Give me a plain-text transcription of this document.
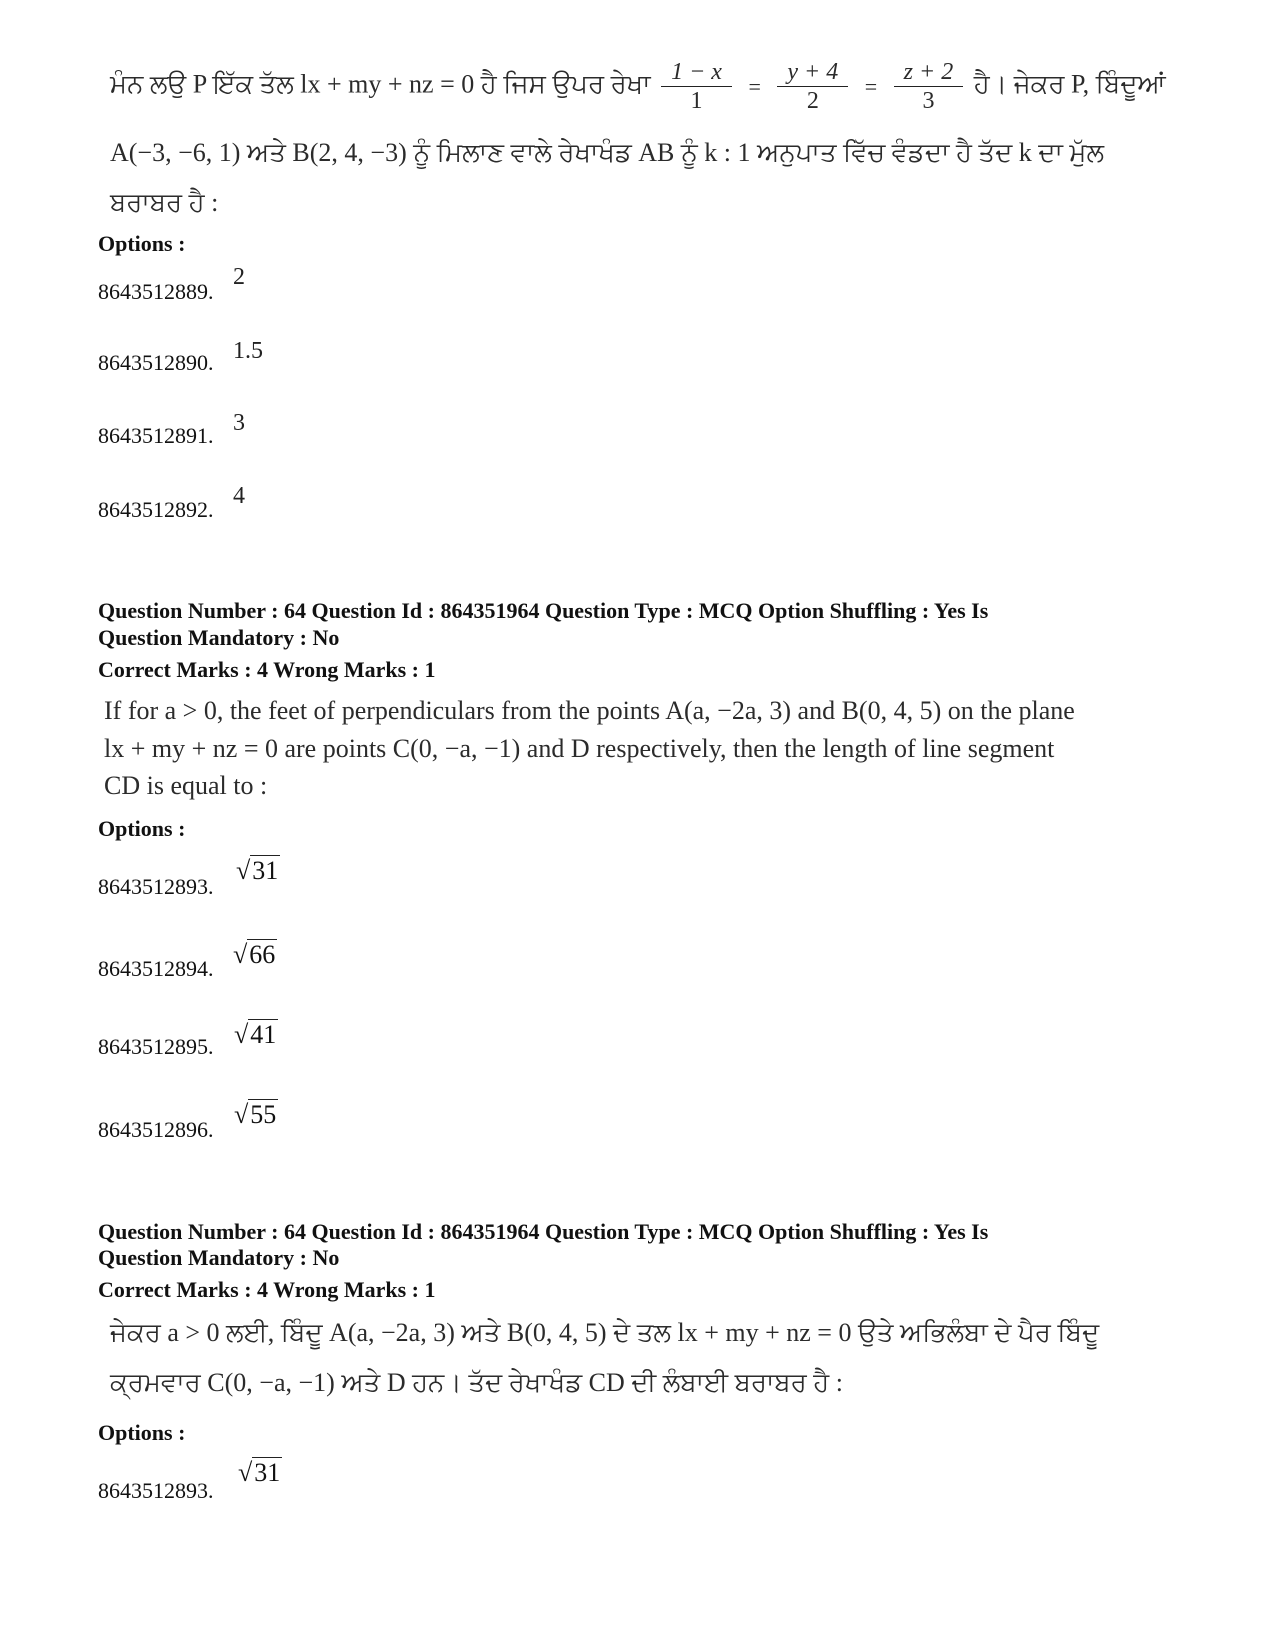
ਮੰਨ ਲਉ P ਇੱਕ ਤੱਲ lx + my + nz = 0 ਹੈ ਜਿਸ ਉਪਰ ਰੇਖਾ $\frac{1 - x}{1} = \frac{y + 4}{2} = \frac{z + 2}{3}$ ਹੈ। ਜੇਕਰ P, ਬਿੰਦੂਆਂ
A(−3, −6, 1) ਅਤੇ B(2, 4, −3) ਨੂੰ ਮਿਲਾਣ ਵਾਲੇ ਰੇਖਾਖੰਡ AB ਨੂੰ k : 1 ਅਨੁਪਾਤ ਵਿੱਚ ਵੰਡਦਾ ਹੈ ਤੱਦ k ਦਾ ਮੁੱਲ
ਬਰਾਬਰ ਹੈ :
Options :
8643512889.
2
8643512890. 1.5
8643512891. 3
8643512892.
4
Question Number : 64 Question Id : 864351964 Question Type : MCQ Option Shuffling : Yes Is
Question Mandatory : No
Correct Marks : 4 Wrong Marks : 1
If for a > 0, the feet of perpendiculars from the points A(a, −2a, 3) and B(0, 4, 5) on the plane
lx + my + nz = 0 are points C(0, −a, −1) and D respectively, then the length of line segment
CD is equal to :
Options :
8643512893.
√31
8643512894. √66
8643512895. √41
8643512896.
√55
Question Number : 64 Question Id : 864351964 Question Type : MCQ Option Shuffling : Yes Is
Question Mandatory : No
Correct Marks : 4 Wrong Marks : 1
ਜੇਕਰ a > 0 ਲਈ, ਬਿੰਦੂ A(a, −2a, 3) ਅਤੇ B(0, 4, 5) ਦੇ ਤਲ lx + my + nz = 0 ਉਤੇ ਅਭਿਲੰਬਾ ਦੇ ਪੈਰ ਬਿੰਦੂ
ਕ੍ਰਮਵਾਰ C(0, −a, −1) ਅਤੇ D ਹਨ। ਤੱਦ ਰੇਖਾਖੰਡ CD ਦੀ ਲੰਬਾਈ ਬਰਾਬਰ ਹੈ :
Options :
8643512893.
√31
